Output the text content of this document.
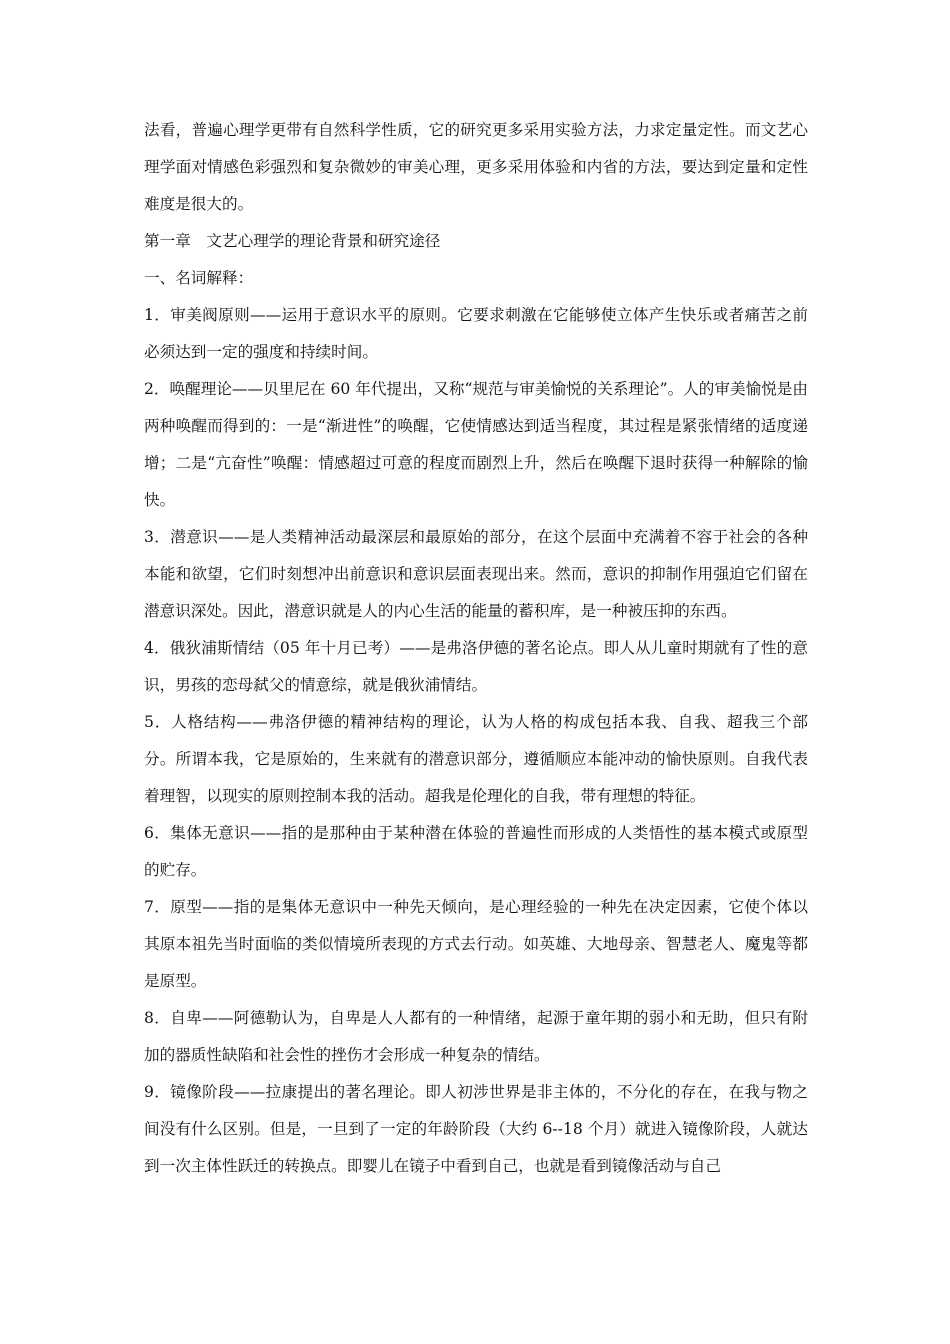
法看，普遍心理学更带有自然科学性质，它的研究更多采用实验方法，力求定量定性。而文艺心理学面对情感色彩强烈和复杂微妙的审美心理，更多采用体验和内省的方法，要达到定量和定性难度是很大的。

第一章　文艺心理学的理论背景和研究途径

一、名词解释：

1．审美阀原则——运用于意识水平的原则。它要求刺激在它能够使立体产生快乐或者痛苦之前必须达到一定的强度和持续时间。

2．唤醒理论——贝里尼在 60 年代提出，又称“规范与审美愉悦的关系理论”。人的审美愉悦是由两种唤醒而得到的：一是“渐进性”的唤醒，它使情感达到适当程度，其过程是紧张情绪的适度递增；二是“亢奋性”唤醒：情感超过可意的程度而剧烈上升，然后在唤醒下退时获得一种解除的愉快。

3．潜意识——是人类精神活动最深层和最原始的部分，在这个层面中充满着不容于社会的各种本能和欲望，它们时刻想冲出前意识和意识层面表现出来。然而，意识的抑制作用强迫它们留在潜意识深处。因此，潜意识就是人的内心生活的能量的蓄积库，是一种被压抑的东西。

4．俄狄浦斯情结（05 年十月已考）——是弗洛伊德的著名论点。即人从儿童时期就有了性的意识，男孩的恋母弑父的情意综，就是俄狄浦情结。

5．人格结构——弗洛伊德的精神结构的理论，认为人格的构成包括本我、自我、超我三个部分。所谓本我，它是原始的，生来就有的潜意识部分，遵循顺应本能冲动的愉快原则。自我代表着理智，以现实的原则控制本我的活动。超我是伦理化的自我，带有理想的特征。

6．集体无意识——指的是那种由于某种潜在体验的普遍性而形成的人类悟性的基本模式或原型的贮存。

7．原型——指的是集体无意识中一种先天倾向，是心理经验的一种先在决定因素，它使个体以其原本祖先当时面临的类似情境所表现的方式去行动。如英雄、大地母亲、智慧老人、魔鬼等都是原型。

8．自卑——阿德勒认为，自卑是人人都有的一种情绪，起源于童年期的弱小和无助，但只有附加的器质性缺陷和社会性的挫伤才会形成一种复杂的情结。

9．镜像阶段——拉康提出的著名理论。即人初涉世界是非主体的，不分化的存在，在我与物之间没有什么区别。但是，一旦到了一定的年龄阶段（大约 6--18 个月）就进入镜像阶段，人就达到一次主体性跃迁的转换点。即婴儿在镜子中看到自己，也就是看到镜像活动与自己
